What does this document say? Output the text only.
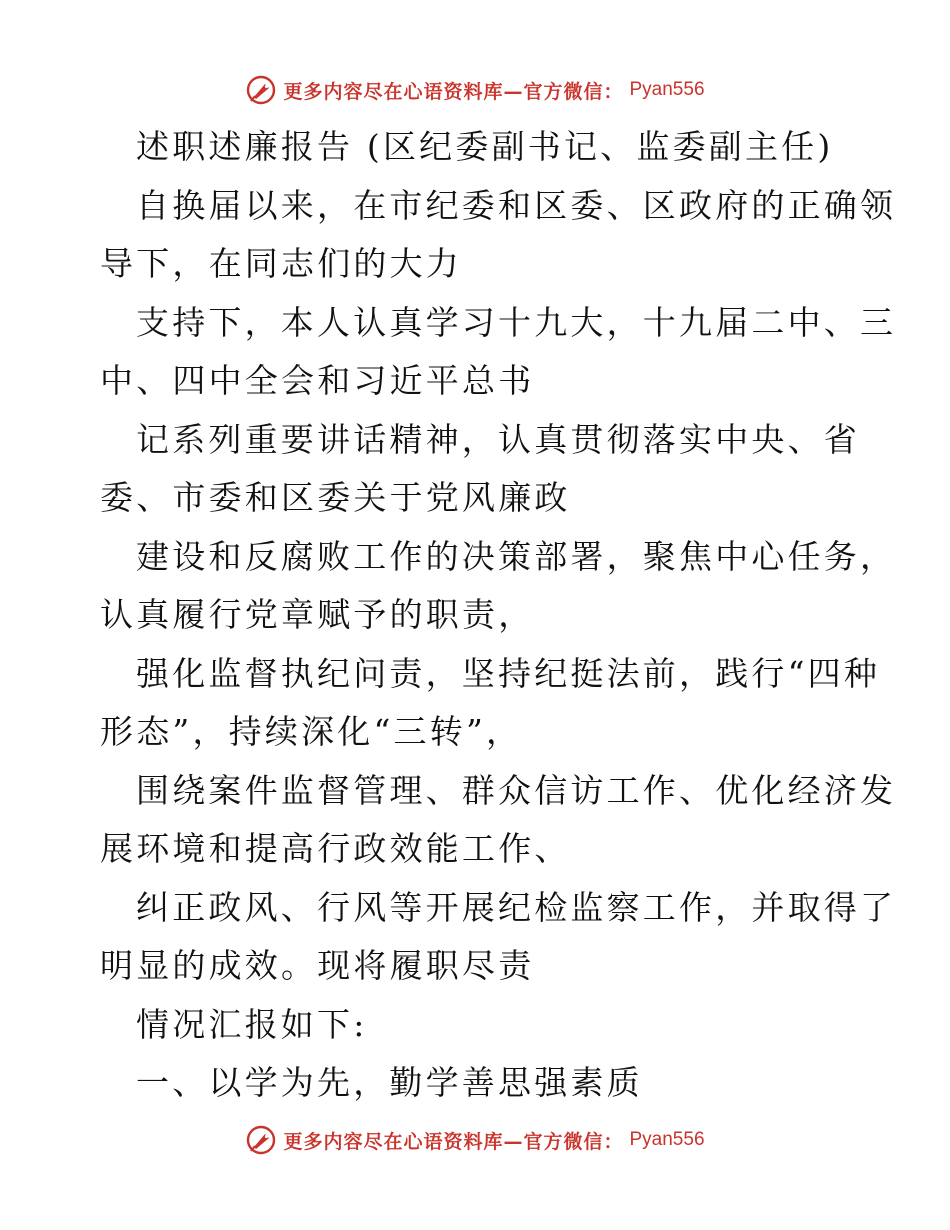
更多内容尽在心语资料库—官方微信： Pyan556

述职述廉报告 (区纪委副书记、监委副主任)

自换届以来，在市纪委和区委、区政府的正确领

导下，在同志们的大力

支持下，本人认真学习十九大，十九届二中、三

中、四中全会和习近平总书

记系列重要讲话精神，认真贯彻落实中央、省

委、市委和区委关于党风廉政

建设和反腐败工作的决策部署，聚焦中心任务，

认真履行党章赋予的职责，

强化监督执纪问责，坚持纪挺法前，践行“四种

形态”，持续深化“三转”，

围绕案件监督管理、群众信访工作、优化经济发

展环境和提高行政效能工作、

纠正政风、行风等开展纪检监察工作，并取得了

明显的成效。现将履职尽责

情况汇报如下:

一、以学为先，勤学善思强素质

更多内容尽在心语资料库—官方微信： Pyan556
